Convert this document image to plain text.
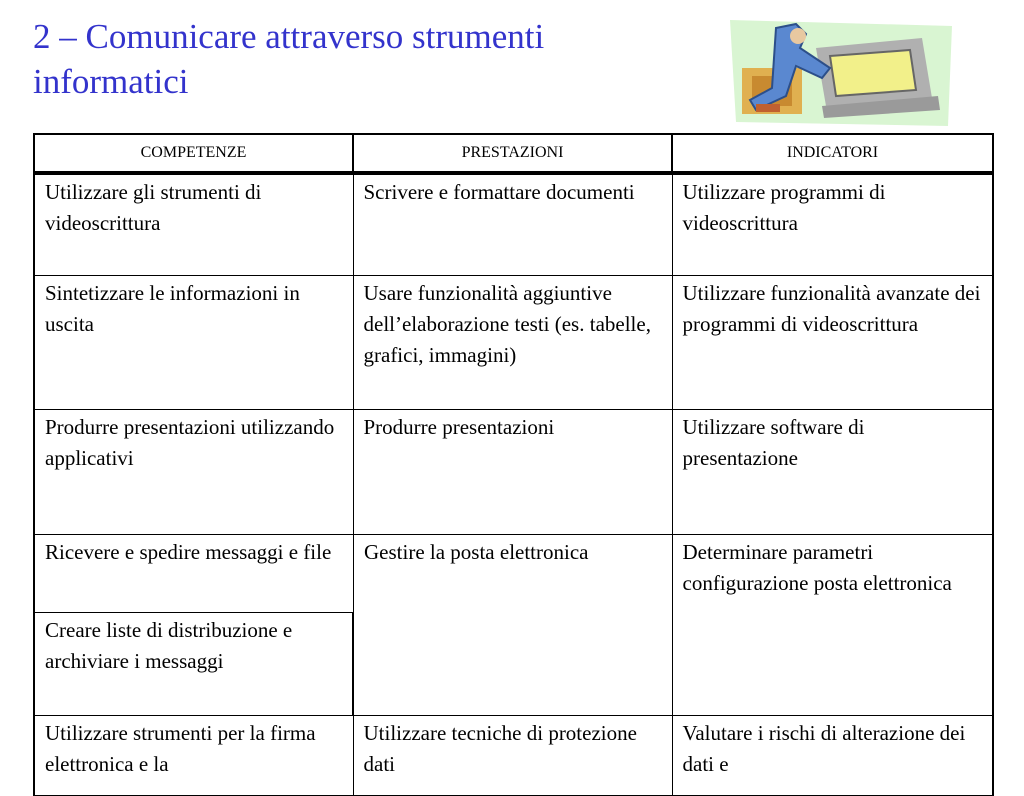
2 – Comunicare attraverso strumenti informatici
COMPETENZE	PRESTAZIONI	INDICATORI
Utilizzare gli strumenti di videoscrittura	Scrivere e formattare documenti	Utilizzare programmi di videoscrittura
Sintetizzare le informazioni in uscita	Usare funzionalità aggiuntive dell’elaborazione testi (es. tabelle, grafici, immagini)	Utilizzare funzionalità avanzate dei programmi di videoscrittura
Produrre presentazioni utilizzando applicativi	Produrre presentazioni	Utilizzare software di presentazione
Ricevere e spedire messaggi e file	Gestire la posta elettronica	Determinare parametri configurazione posta elettronica
Creare liste di distribuzione e archiviare i messaggi		
Utilizzare strumenti per la firma elettronica e la	Utilizzare tecniche di protezione dati	Valutare i rischi di alterazione dei dati e
